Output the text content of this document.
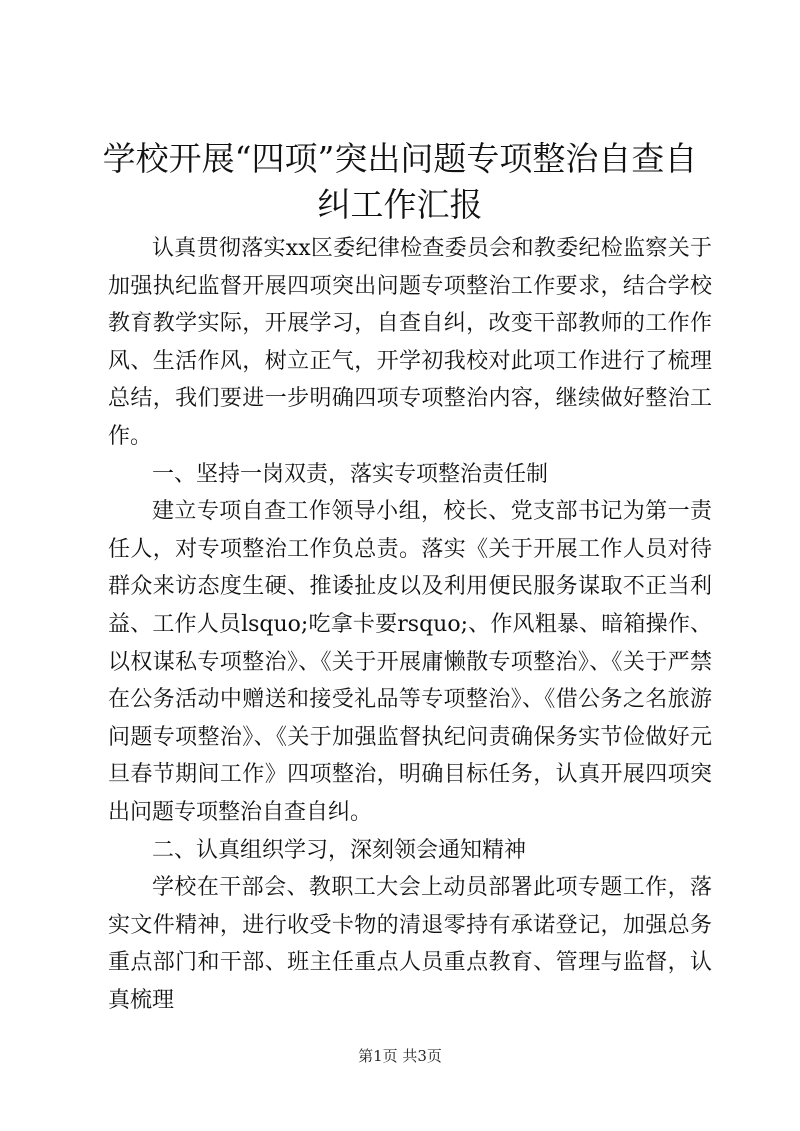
学校开展“四项”突出问题专项整治自查自纠工作汇报

认真贯彻落实xx区委纪律检查委员会和教委纪检监察关于加强执纪监督开展四项突出问题专项整治工作要求，结合学校教育教学实际，开展学习，自查自纠，改变干部教师的工作作风、生活作风，树立正气，开学初我校对此项工作进行了梳理总结，我们要进一步明确四项专项整治内容，继续做好整治工作。

一、坚持一岗双责，落实专项整治责任制

建立专项自查工作领导小组，校长、党支部书记为第一责任人，对专项整治工作负总责。落实《关于开展工作人员对待群众来访态度生硬、推诿扯皮以及利用便民服务谋取不正当利益、工作人员lsquo;吃拿卡要rsquo;、作风粗暴、暗箱操作、以权谋私专项整治》、《关于开展庸懒散专项整治》、《关于严禁在公务活动中赠送和接受礼品等专项整治》、《借公务之名旅游问题专项整治》、《关于加强监督执纪问责确保务实节俭做好元旦春节期间工作》四项整治，明确目标任务，认真开展四项突出问题专项整治自查自纠。

二、认真组织学习，深刻领会通知精神

学校在干部会、教职工大会上动员部署此项专题工作，落实文件精神，进行收受卡物的清退零持有承诺登记，加强总务重点部门和干部、班主任重点人员重点教育、管理与监督，认真梳理

第1页 共3页
